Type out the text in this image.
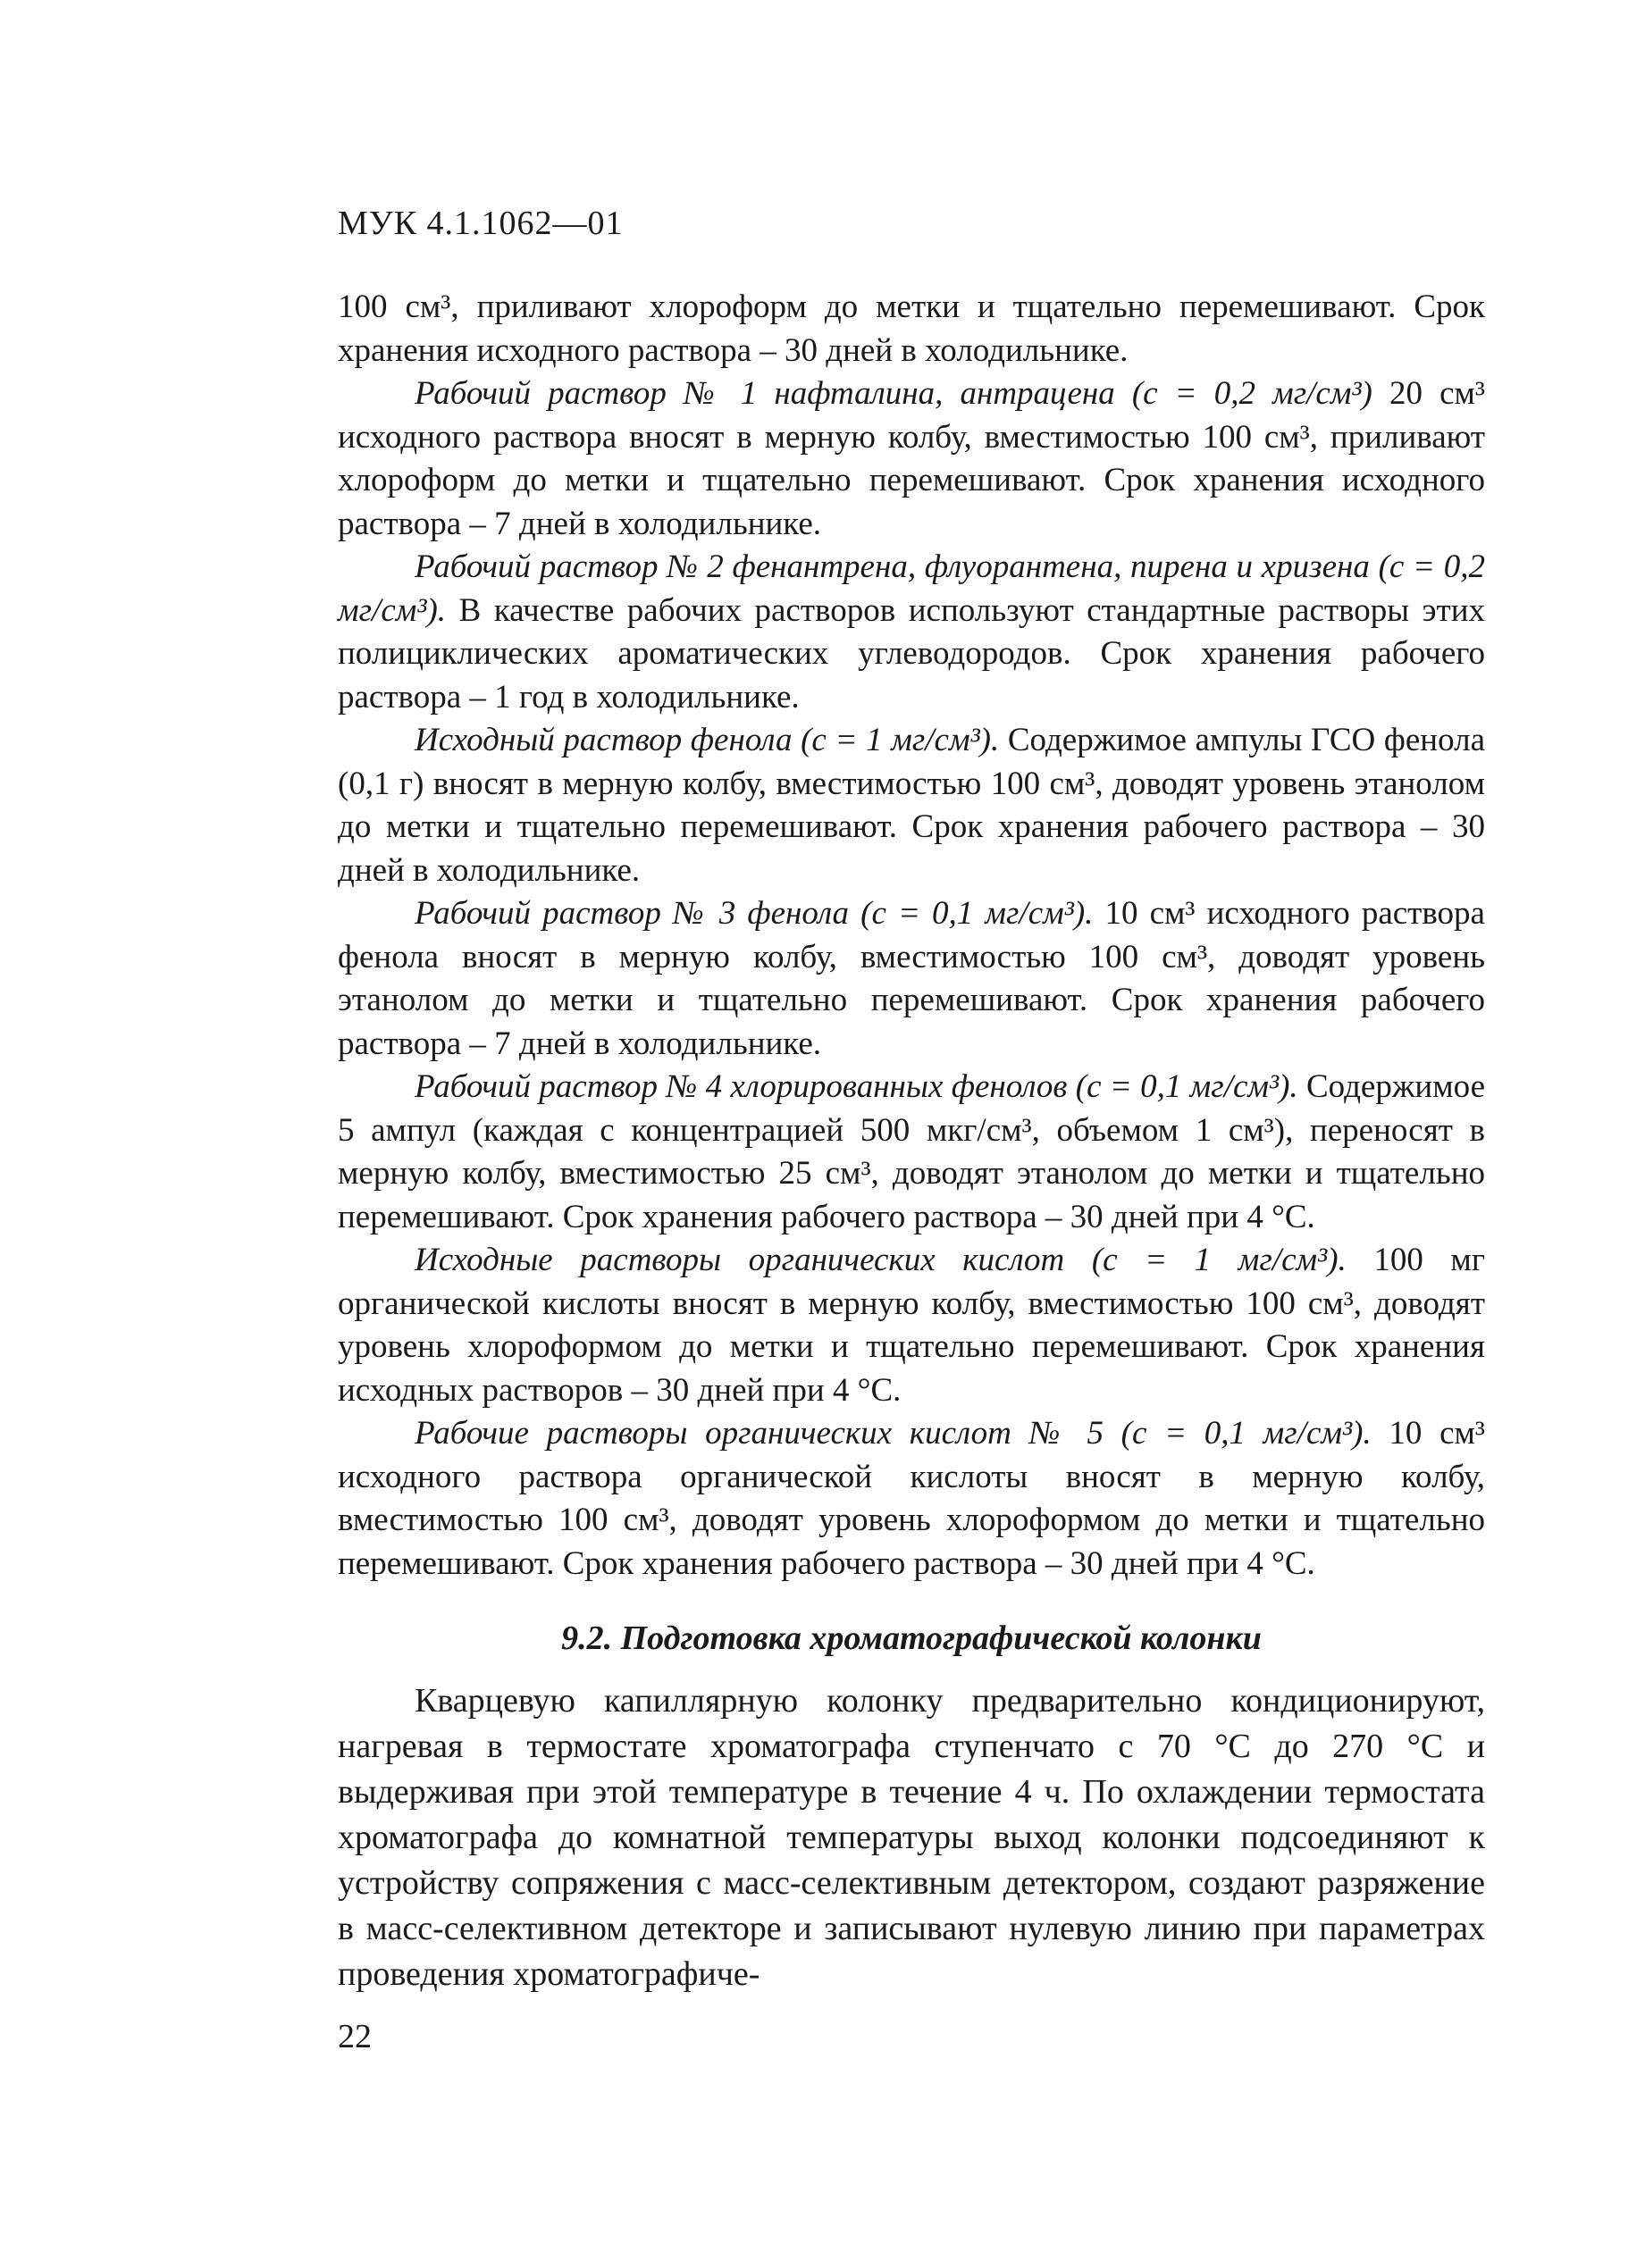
МУК 4.1.1062—01

100 см³, приливают хлороформ до метки и тщательно перемешивают. Срок хранения исходного раствора – 30 дней в холодильнике.

Рабочий раствор № 1 нафталина, антрацена (с = 0,2 мг/см³) 20 см³ исходного раствора вносят в мерную колбу, вместимостью 100 см³, приливают хлороформ до метки и тщательно перемешивают. Срок хранения исходного раствора – 7 дней в холодильнике.

Рабочий раствор № 2 фенантрена, флуорантена, пирена и хризена (с = 0,2 мг/см³). В качестве рабочих растворов используют стандартные растворы этих полициклических ароматических углеводородов. Срок хранения рабочего раствора – 1 год в холодильнике.

Исходный раствор фенола (с = 1 мг/см³). Содержимое ампулы ГСО фенола (0,1 г) вносят в мерную колбу, вместимостью 100 см³, доводят уровень этанолом до метки и тщательно перемешивают. Срок хранения рабочего раствора – 30 дней в холодильнике.

Рабочий раствор № 3 фенола (с = 0,1 мг/см³). 10 см³ исходного раствора фенола вносят в мерную колбу, вместимостью 100 см³, доводят уровень этанолом до метки и тщательно перемешивают. Срок хранения рабочего раствора – 7 дней в холодильнике.

Рабочий раствор № 4 хлорированных фенолов (с = 0,1 мг/см³). Содержимое 5 ампул (каждая с концентрацией 500 мкг/см³, объемом 1 см³), переносят в мерную колбу, вместимостью 25 см³, доводят этанолом до метки и тщательно перемешивают. Срок хранения рабочего раствора – 30 дней при 4 °С.

Исходные растворы органических кислот (с = 1 мг/см³). 100 мг органической кислоты вносят в мерную колбу, вместимостью 100 см³, доводят уровень хлороформом до метки и тщательно перемешивают. Срок хранения исходных растворов – 30 дней при 4 °С.

Рабочие растворы органических кислот № 5 (с = 0,1 мг/см³). 10 см³ исходного раствора органической кислоты вносят в мерную колбу, вместимостью 100 см³, доводят уровень хлороформом до метки и тщательно перемешивают. Срок хранения рабочего раствора – 30 дней при 4 °С.

9.2. Подготовка хроматографической колонки

Кварцевую капиллярную колонку предварительно кондиционируют, нагревая в термостате хроматографа ступенчато с 70 °С до 270 °С и выдерживая при этой температуре в течение 4 ч. По охлаждении термостата хроматографа до комнатной температуры выход колонки подсоединяют к устройству сопряжения с масс-селективным детектором, создают разряжение в масс-селективном детекторе и записывают нулевую линию при параметрах проведения хроматографиче-

22
